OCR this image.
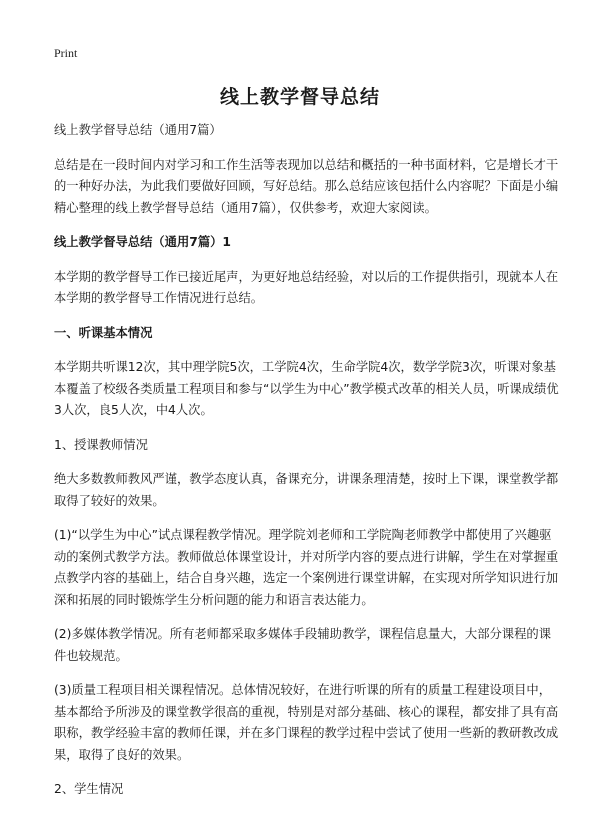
Print
线上教学督导总结
线上教学督导总结（通用7篇）
总结是在一段时间内对学习和工作生活等表现加以总结和概括的一种书面材料，它是增长才干的一种好办法，为此我们要做好回顾，写好总结。那么总结应该包括什么内容呢？下面是小编精心整理的线上教学督导总结（通用7篇），仅供参考，欢迎大家阅读。
线上教学督导总结（通用7篇）1
本学期的教学督导工作已接近尾声，为更好地总结经验，对以后的工作提供指引，现就本人在本学期的教学督导工作情况进行总结。
一、听课基本情况
本学期共听课12次，其中理学院5次，工学院4次，生命学院4次，数学学院3次，听课对象基本覆盖了校级各类质量工程项目和参与“以学生为中心”教学模式改革的相关人员，听课成绩优3人次，良5人次，中4人次。
1、授课教师情况
绝大多数教师教风严谨，教学态度认真，备课充分，讲课条理清楚，按时上下课，课堂教学都取得了较好的效果。
(1)“以学生为中心”试点课程教学情况。理学院刘老师和工学院陶老师教学中都使用了兴趣驱动的案例式教学方法。教师做总体课堂设计，并对所学内容的要点进行讲解，学生在对掌握重点教学内容的基础上，结合自身兴趣，选定一个案例进行课堂讲解，在实现对所学知识进行加深和拓展的同时锻炼学生分析问题的能力和语言表达能力。
(2)多媒体教学情况。所有老师都采取多媒体手段辅助教学，课程信息量大，大部分课程的课件也较规范。
(3)质量工程项目相关课程情况。总体情况较好，在进行听课的所有的质量工程建设项目中，基本都给予所涉及的课堂教学很高的重视，特别是对部分基础、核心的课程，都安排了具有高职称，教学经验丰富的教师任课，并在多门课程的教学过程中尝试了使用一些新的教研教改成果，取得了良好的效果。
2、学生情况
